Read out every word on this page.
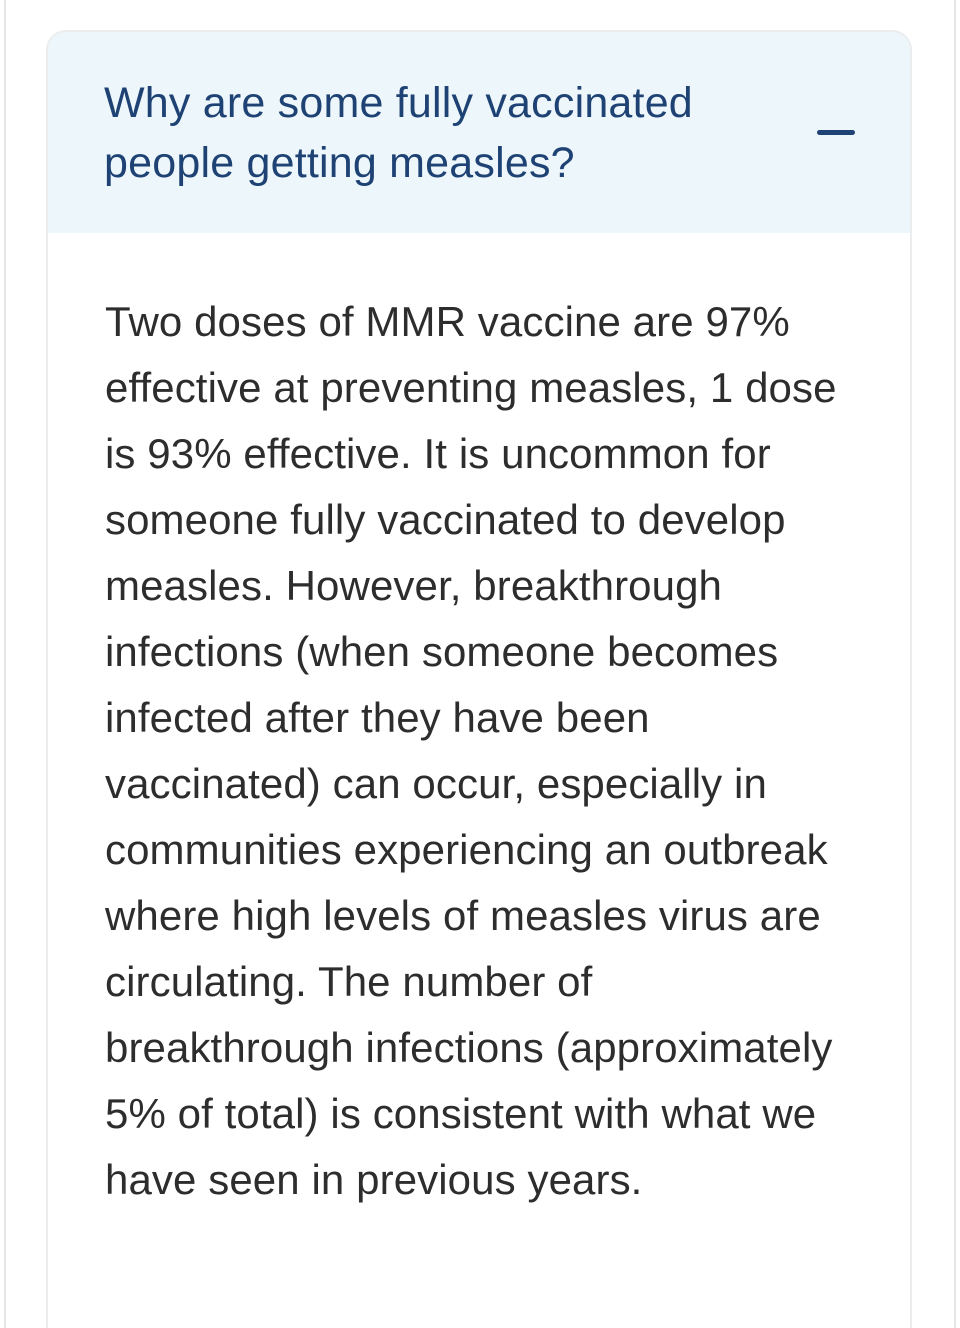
Why are some fully vaccinated people getting measles?

Two doses of MMR vaccine are 97% effective at preventing measles, 1 dose is 93% effective. It is uncommon for someone fully vaccinated to develop measles. However, breakthrough infections (when someone becomes infected after they have been vaccinated) can occur, especially in communities experiencing an outbreak where high levels of measles virus are circulating. The number of breakthrough infections (approximately 5% of total) is consistent with what we have seen in previous years.
